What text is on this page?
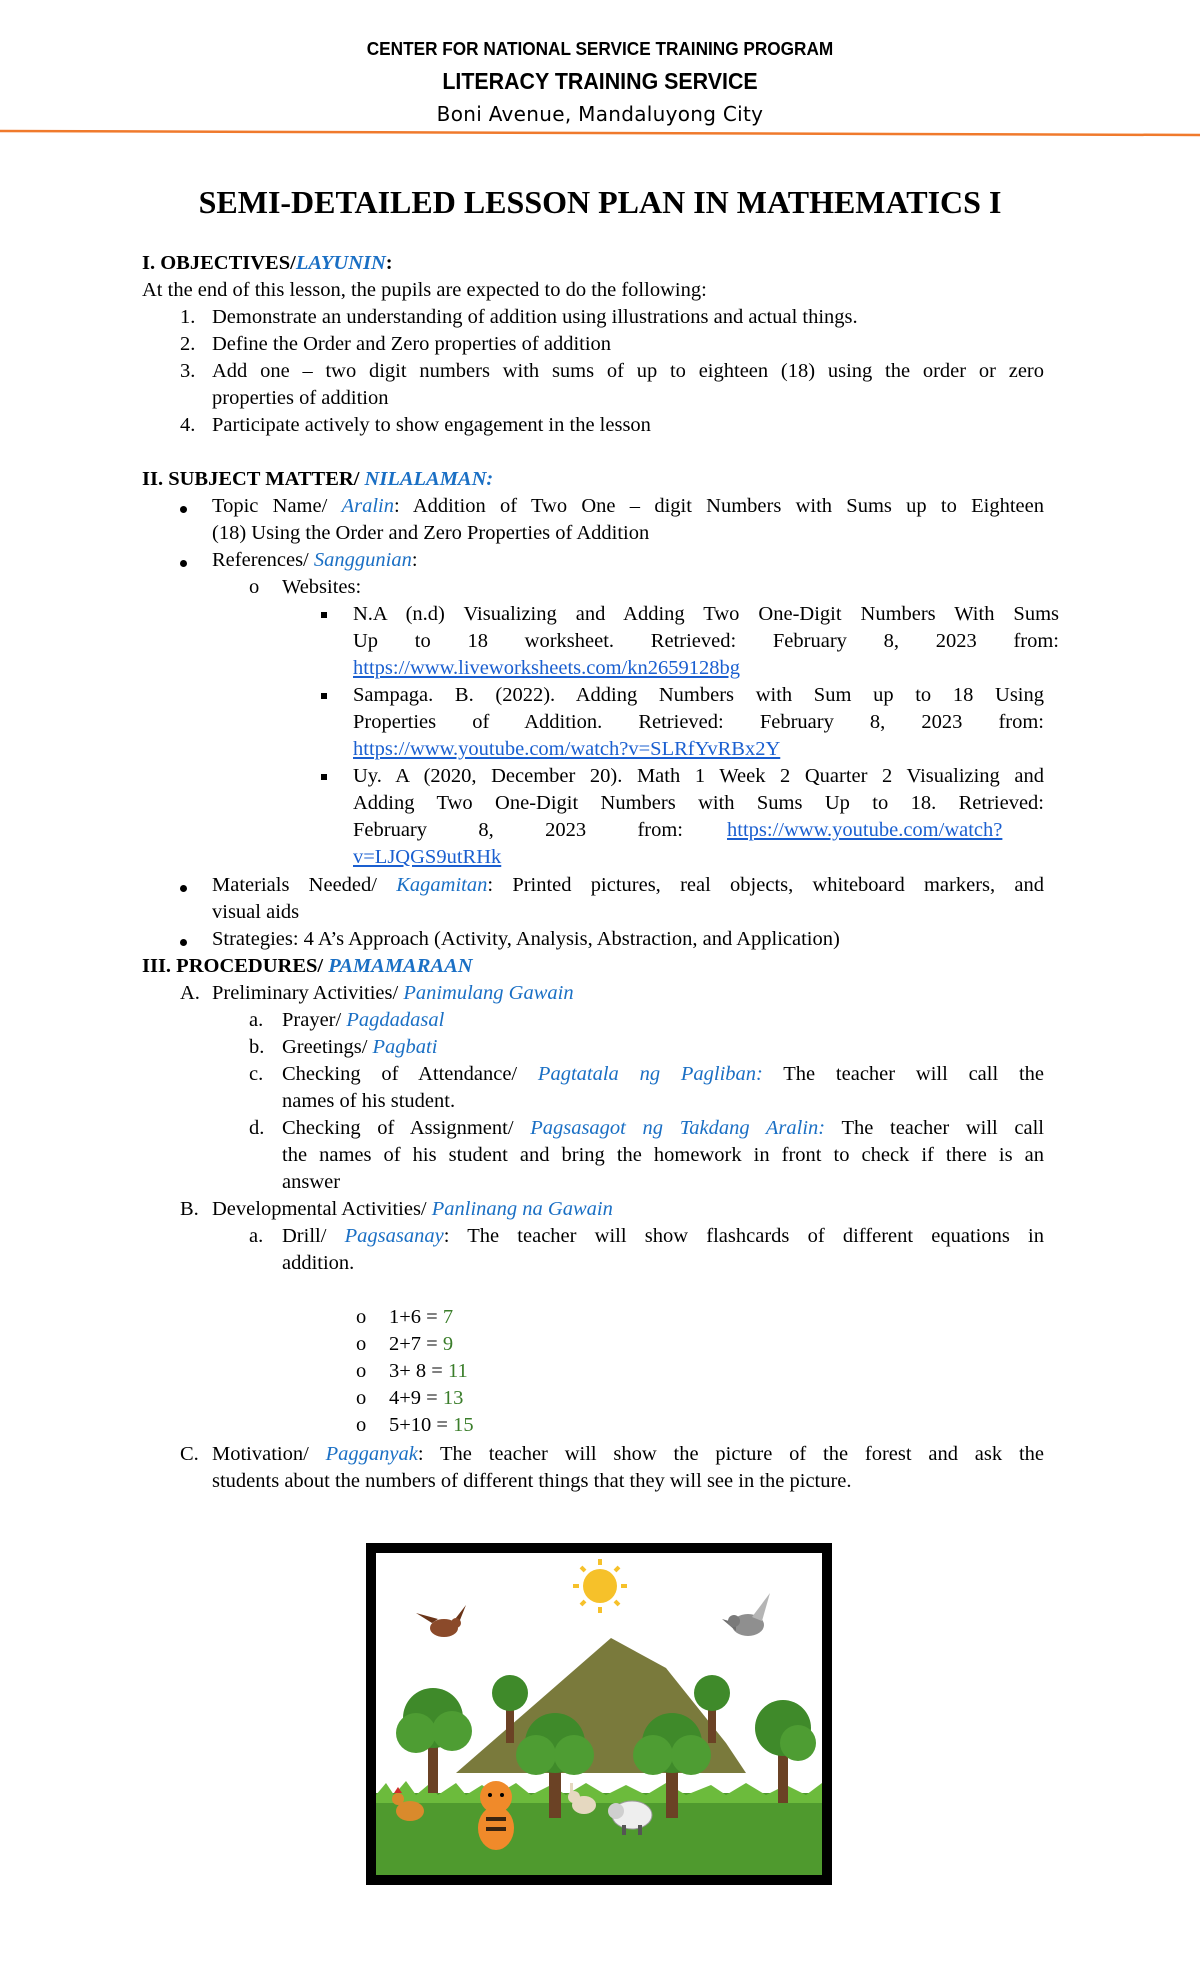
CENTER FOR NATIONAL SERVICE TRAINING PROGRAM
LITERACY TRAINING SERVICE
Boni Avenue, Mandaluyong City
SEMI-DETAILED LESSON PLAN IN MATHEMATICS I
I. OBJECTIVES/LAYUNIN:
At the end of this lesson, the pupils are expected to do the following:
1. Demonstrate an understanding of addition using illustrations and actual things.
2. Define the Order and Zero properties of addition
3. Add one – two digit numbers with sums of up to eighteen (18) using the order or zero
properties of addition
4. Participate actively to show engagement in the lesson
II. SUBJECT MATTER/ NILALAMAN:
Topic Name/ Aralin: Addition of Two One – digit Numbers with Sums up to Eighteen
(18) Using the Order and Zero Properties of Addition
References/ Sanggunian:
o Websites:
N.A (n.d) Visualizing and Adding Two One-Digit Numbers With Sums
Up to 18 worksheet. Retrieved: February 8, 2023 from:
https://www.liveworksheets.com/kn2659128bg
Sampaga. B. (2022). Adding Numbers with Sum up to 18 Using
Properties of Addition. Retrieved: February 8, 2023 from:
https://www.youtube.com/watch?v=SLRfYvRBx2Y
Uy. A (2020, December 20). Math 1 Week 2 Quarter 2 Visualizing and
Adding Two One-Digit Numbers with Sums Up to 18. Retrieved:
February 8, 2023 from: https://www.youtube.com/watch?
v=LJQGS9utRHk
Materials Needed/ Kagamitan: Printed pictures, real objects, whiteboard markers, and
visual aids
Strategies: 4 A’s Approach (Activity, Analysis, Abstraction, and Application)
III. PROCEDURES/ PAMAMARAAN
A. Preliminary Activities/ Panimulang Gawain
a. Prayer/ Pagdadasal
b. Greetings/ Pagbati
c. Checking of Attendance/ Pagtatala ng Pagliban: The teacher will call the
names of his student.
d. Checking of Assignment/ Pagsasagot ng Takdang Aralin: The teacher will call
the names of his student and bring the homework in front to check if there is an
answer
B. Developmental Activities/ Panlinang na Gawain
a. Drill/ Pagsasanay: The teacher will show flashcards of different equations in
addition.
o 1+6 = 7
o 2+7 = 9
o 3+ 8 = 11
o 4+9 = 13
o 5+10 = 15
C. Motivation/ Pagganyak: The teacher will show the picture of the forest and ask the
students about the numbers of different things that they will see in the picture.
